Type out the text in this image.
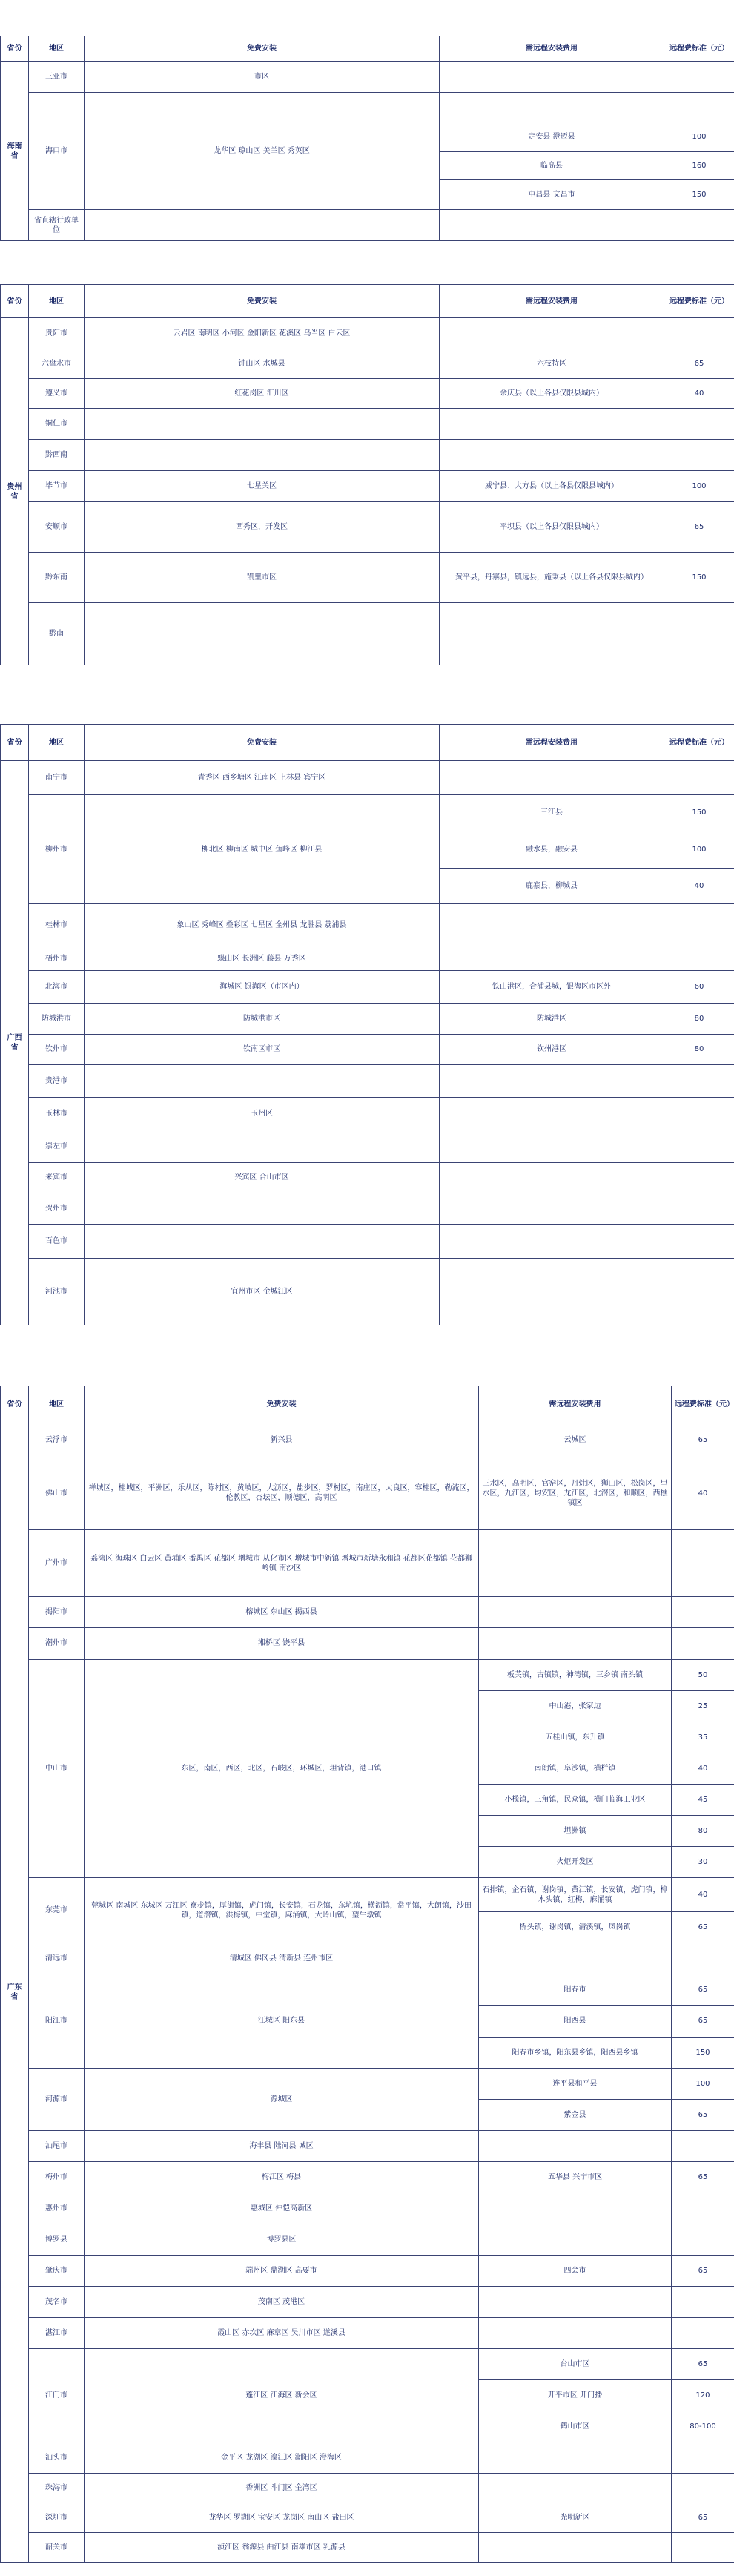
省份	地区	免费安装	需远程安装费用	远程费标准（元）
海南省	三亚市	市区		
	海口市	龙华区 琼山区 美兰区 秀英区		
			定安县 澄迈县	100
			临高县	160
			屯昌县 文昌市	150
	省直辖行政单位			
省份	地区	免费安装	需远程安装费用	远程费标准（元）
贵州省	贵阳市	云岩区 南明区 小河区 金阳新区 花溪区 乌当区 白云区		
	六盘水市	钟山区 水城县	六枝特区	65
	遵义市	红花岗区 汇川区	余庆县（以上各县仅限县城内）	40
	铜仁市			
	黔西南			
	毕节市	七星关区	威宁县、大方县（以上各县仅限县城内）	100
	安顺市	西秀区，开发区	平坝县（以上各县仅限县城内）	65
	黔东南	凯里市区	黄平县，丹寨县，镇远县，施秉县（以上各县仅限县城内）	150
	黔南			
省份	地区	免费安装	需远程安装费用	远程费标准（元）
广西省	南宁市	青秀区 西乡塘区 江南区 上林县 宾宁区		
	柳州市	柳北区 柳南区 城中区 鱼峰区 柳江县	三江县	150
			融水县，融安县	100
			鹿寨县，柳城县	40
	桂林市	象山区 秀峰区 叠彩区 七星区 全州县 龙胜县 荔浦县		
	梧州市	蝶山区 长洲区 藤县 万秀区		
	北海市	海城区 银海区（市区内）	铁山港区，合浦县城，银海区市区外	60
	防城港市	防城港市区	防城港区	80
	钦州市	钦南区市区	钦州港区	80
	贵港市			
	玉林市	玉州区		
	崇左市			
	来宾市	兴宾区 合山市区		
	贺州市			
	百色市			
	河池市	宜州市区 金城江区		
省份	地区	免费安装	需远程安装费用	远程费标准（元）
广东省	云浮市	新兴县	云城区	65
	佛山市	禅城区，桂城区，平洲区，乐从区，陈村区，黄岐区，大沥区，盐步区，罗村区，南庄区，大良区，容桂区，勒流区，伦教区，杏坛区，顺德区，高明区	三水区，高明区，官窑区，丹灶区，狮山区，松岗区，里水区，九江区，均安区，龙江区，北滘区，和顺区，西樵镇区	40
	广州市	荔湾区 海珠区 白云区 黄埔区 番禺区 花都区 增城市 从化市区 增城市中新镇 增城市新塘永和镇 花都区花都镇 花都狮岭镇 南沙区		
	揭阳市	榕城区 东山区 揭西县		
	潮州市	湘桥区 饶平县		
	中山市	东区，南区，西区，北区，石岐区，环城区，坦背镇，港口镇	板芙镇，古镇镇，神湾镇，三乡镇 南头镇	50
			中山港，张家边	25
			五桂山镇，东升镇	35
			南朗镇，阜沙镇，横栏镇	40
			小榄镇，三角镇，民众镇，横门临海工业区	45
			坦洲镇	80
			火炬开发区	30
	东莞市	莞城区 南城区 东城区 万江区 寮步镇，厚街镇，虎门镇，长安镇，石龙镇，东坑镇，横沥镇，常平镇，大朗镇，沙田镇，道滘镇，洪梅镇，中堂镇，麻涌镇，大岭山镇，望牛墩镇	石排镇，企石镇，谢岗镇，黄江镇，长安镇，虎门镇，樟木头镇，红梅，麻涌镇	40
			桥头镇，谢岗镇，清溪镇，凤岗镇	65
	清远市	清城区 佛冈县 清新县 连州市区		
	阳江市	江城区 阳东县	阳春市	65
			阳西县	65
			阳春市乡镇，阳东县乡镇，阳西县乡镇	150
	河源市	源城区	连平县和平县	100
			紫金县	65
	汕尾市	海丰县 陆河县 城区		
	梅州市	梅江区 梅县	五华县 兴宁市区	65
	惠州市	惠城区 仲恺高新区		
	博罗县	博罗县区		
	肇庆市	端州区 鼎湖区 高要市	四会市	65
	茂名市	茂南区 茂港区		
	湛江市	霞山区 赤坎区 麻章区 吴川市区 遂溪县		
	江门市	蓬江区 江海区 新会区	台山市区	65
			开平市区 开门播	120
			鹤山市区	80-100
	汕头市	金平区 龙湖区 濠江区 潮阳区 澄海区		
	珠海市	香洲区 斗门区 金湾区		
	深圳市	龙华区 罗湖区 宝安区 龙岗区 南山区 盐田区	光明新区	65
	韶关市	浈江区 翁源县 曲江县 南雄市区 乳源县		
